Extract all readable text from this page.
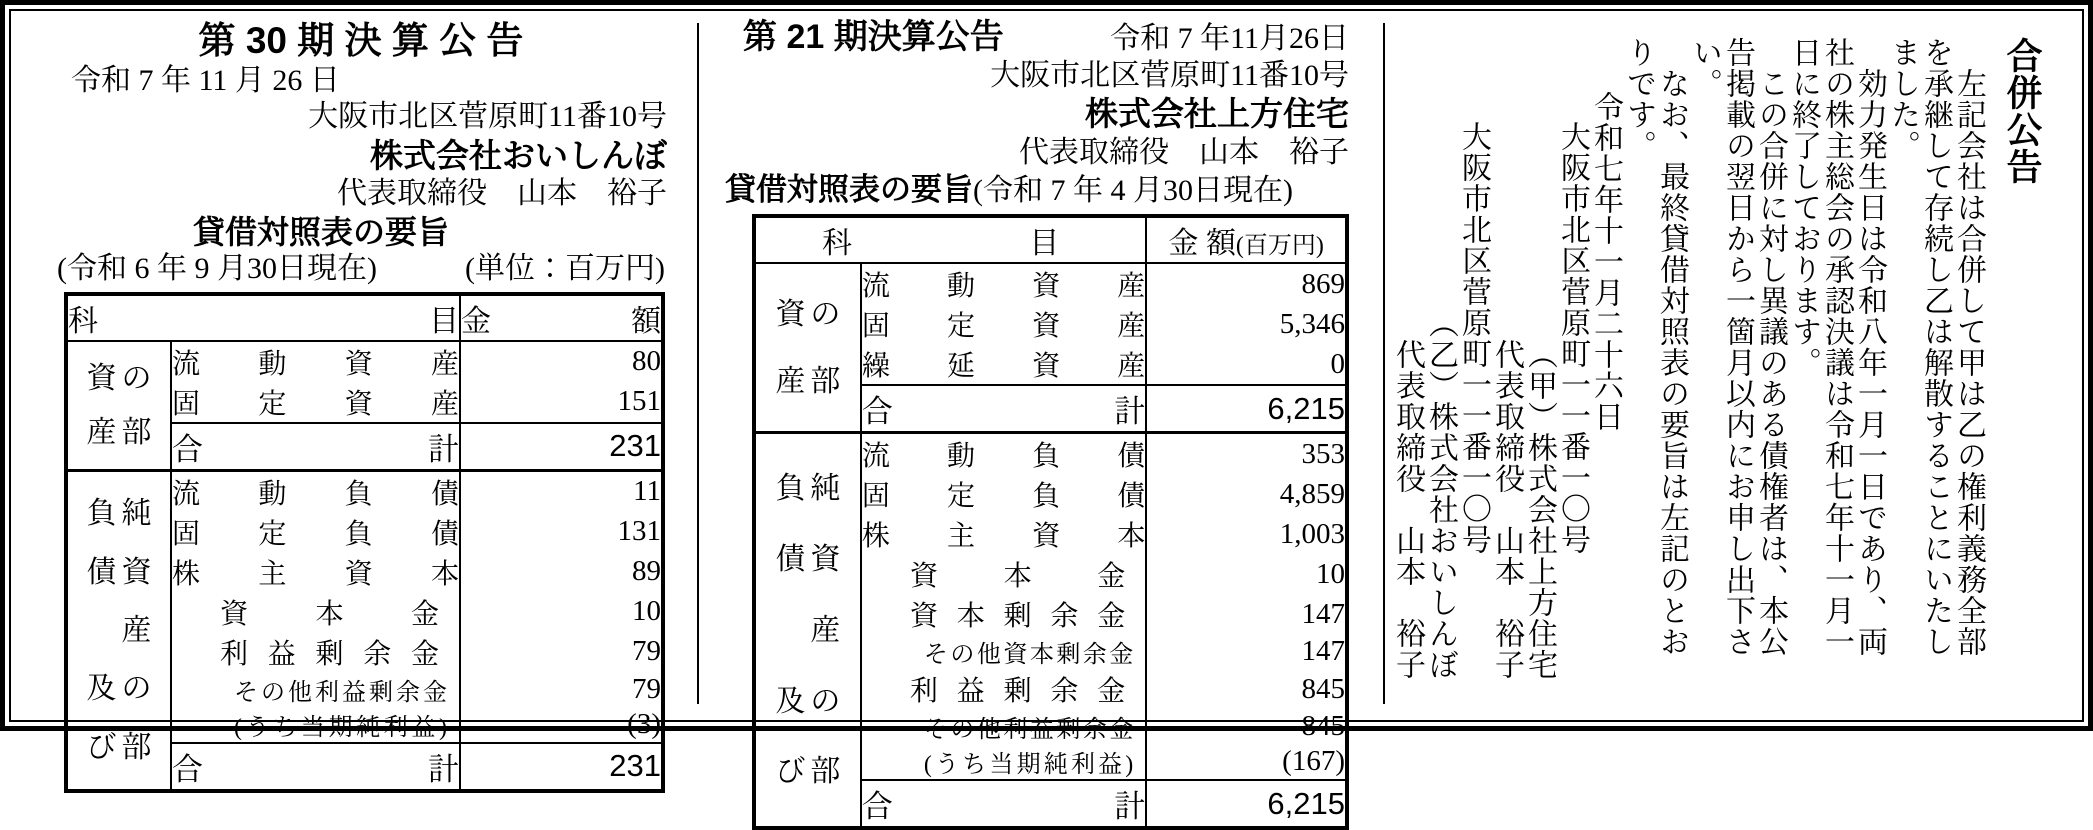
第 30 期 決 算 公 告
令和 7 年 11 月 26 日
大阪市北区菅原町11番10号
株式会社おいしんぼ
代表取締役　山本　裕子
貸借対照表の要旨
(令和 6 年 9 月30日現在)	(単位：百万円)
科目		金額

資の
産部	流動資産	80
	固定資産	151
	合計	231

負純
債資
　産
及の
び部	流動負債	11
	固定負債	131
	株主資本	89
	資本金	10
	利益剰余金	79
	その他利益剰余金	79
	(うち当期純利益)	(3)
	合計	231
第 21 期決算公告	令和 7 年11月26日
大阪市北区菅原町11番10号
株式会社上方住宅
代表取締役　山本　裕子
貸借対照表の要旨(令和 7 年 4 月30日現在)
科目		金 額(百万円)

資の
産部	流動資産	869
	固定資産	5,346
	繰延資産	0
	合計	6,215

負純
債資
　産
及の
び部	流動負債	353
	固定負債	4,859
	株主資本	1,003
	資本金	10
	資本剰余金	147
	その他資本剰余金	147
	利益剰余金	845
	その他利益剰余金	845
	(うち当期純利益)	(167)
	合計	6,215

合併公告

　左記会社は合併して甲は乙の権利義務全部

を承継して存続し乙は解散することにいたし

ました。

　効力発生日は令和八年一月一日であり、両

社の株主総会の承認決議は令和七年十一月一

日に終了しております。

　この合併に対し異議のある債権者は、本公

告掲載の翌日から一箇月以内にお申し出下さ

い。

　なお、最終貸借対照表の要旨は左記のとお

りです。

令和七年十一月二十六日

大阪市北区菅原町一一番一〇号

（甲）株式会社上方住宅

代表取締役　山本　裕子

大阪市北区菅原町一一番一〇号

（乙）株式会社おいしんぼ

代表取締役　山本　裕子
